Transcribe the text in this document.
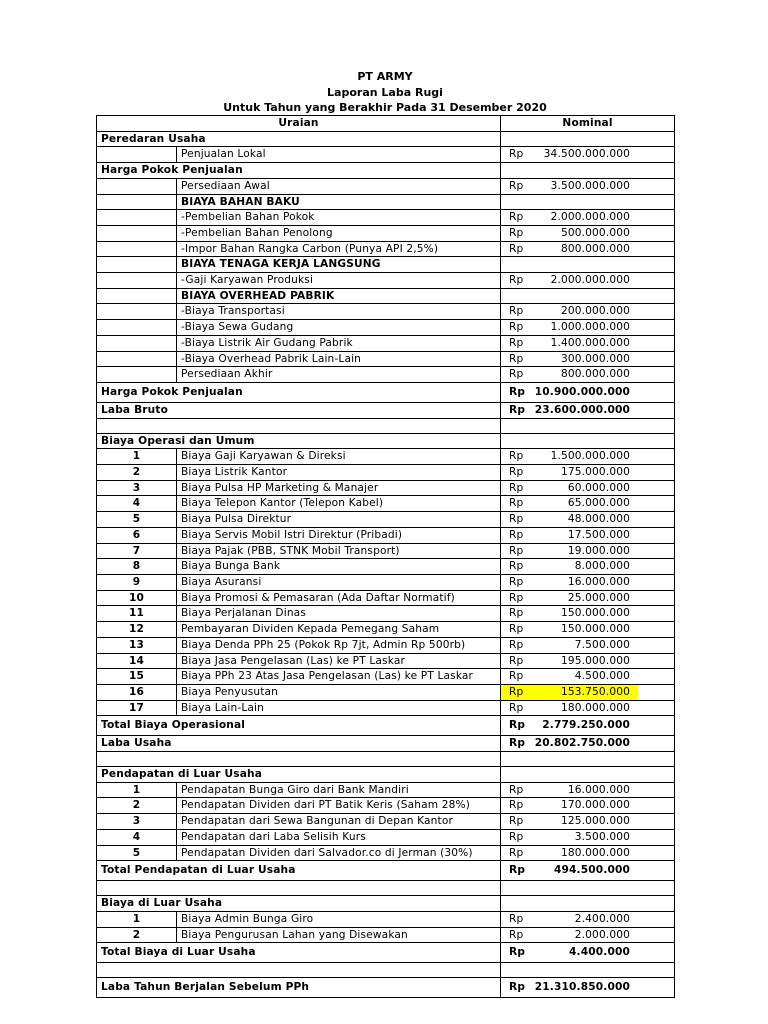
PT ARMY
Laporan Laba Rugi
Untuk Tahun yang Berakhir Pada 31 Desember 2020
Uraian		Nominal	
Peredaran Usaha			
	Penjualan Lokal	Rp	34.500.000.000
Harga Pokok Penjualan			
	Persediaan Awal	Rp	3.500.000.000
	BIAYA BAHAN BAKU		
	-Pembelian Bahan Pokok	Rp	2.000.000.000
	-Pembelian Bahan Penolong	Rp	500.000.000
	-Impor Bahan Rangka Carbon (Punya API 2,5%)	Rp	800.000.000
	BIAYA TENAGA KERJA LANGSUNG		
	-Gaji Karyawan Produksi	Rp	2.000.000.000
	BIAYA OVERHEAD PABRIK		
	-Biaya Transportasi	Rp	200.000.000
	-Biaya Sewa Gudang	Rp	1.000.000.000
	-Biaya Listrik Air Gudang Pabrik	Rp	1.400.000.000
	-Biaya Overhead Pabrik Lain-Lain	Rp	300.000.000
	Persediaan Akhir	Rp	800.000.000
Harga Pokok Penjualan		Rp	10.900.000.000
Laba Bruto		Rp	23.600.000.000

Biaya Operasi dan Umum			
1	Biaya Gaji Karyawan & Direksi	Rp	1.500.000.000
2	Biaya Listrik Kantor	Rp	175.000.000
3	Biaya Pulsa HP Marketing & Manajer	Rp	60.000.000
4	Biaya Telepon Kantor (Telepon Kabel)	Rp	65.000.000
5	Biaya Pulsa Direktur	Rp	48.000.000
6	Biaya Servis Mobil Istri Direktur (Pribadi)	Rp	17.500.000
7	Biaya Pajak (PBB, STNK Mobil Transport)	Rp	19.000.000
8	Biaya Bunga Bank	Rp	8.000.000
9	Biaya Asuransi	Rp	16.000.000
10	Biaya Promosi & Pemasaran (Ada Daftar Normatif)	Rp	25.000.000
11	Biaya Perjalanan Dinas	Rp	150.000.000
12	Pembayaran Dividen Kepada Pemegang Saham	Rp	150.000.000
13	Biaya Denda PPh 25 (Pokok Rp 7jt, Admin Rp 500rb)	Rp	7.500.000
14	Biaya Jasa Pengelasan (Las) ke PT Laskar	Rp	195.000.000
15	Biaya PPh 23 Atas Jasa Pengelasan (Las) ke PT Laskar	Rp	4.500.000
16	Biaya Penyusutan	Rp	153.750.000

17	Biaya Lain-Lain	Rp	180.000.000
Total Biaya Operasional		Rp	2.779.250.000
Laba Usaha		Rp	20.802.750.000

Pendapatan di Luar Usaha			
1	Pendapatan Bunga Giro dari Bank Mandiri	Rp	16.000.000
2	Pendapatan Dividen dari PT Batik Keris (Saham 28%)	Rp	170.000.000
3	Pendapatan dari Sewa Bangunan di Depan Kantor	Rp	125.000.000
4	Pendapatan dari Laba Selisih Kurs	Rp	3.500.000
5	Pendapatan Dividen dari Salvador.co di Jerman (30%)	Rp	180.000.000
Total Pendapatan di Luar Usaha		Rp	494.500.000

Biaya di Luar Usaha			
1	Biaya Admin Bunga Giro	Rp	2.400.000
2	Biaya Pengurusan Lahan yang Disewakan	Rp	2.000.000
Total Biaya di Luar Usaha		Rp	4.400.000

Laba Tahun Berjalan Sebelum PPh		Rp	21.310.850.000
